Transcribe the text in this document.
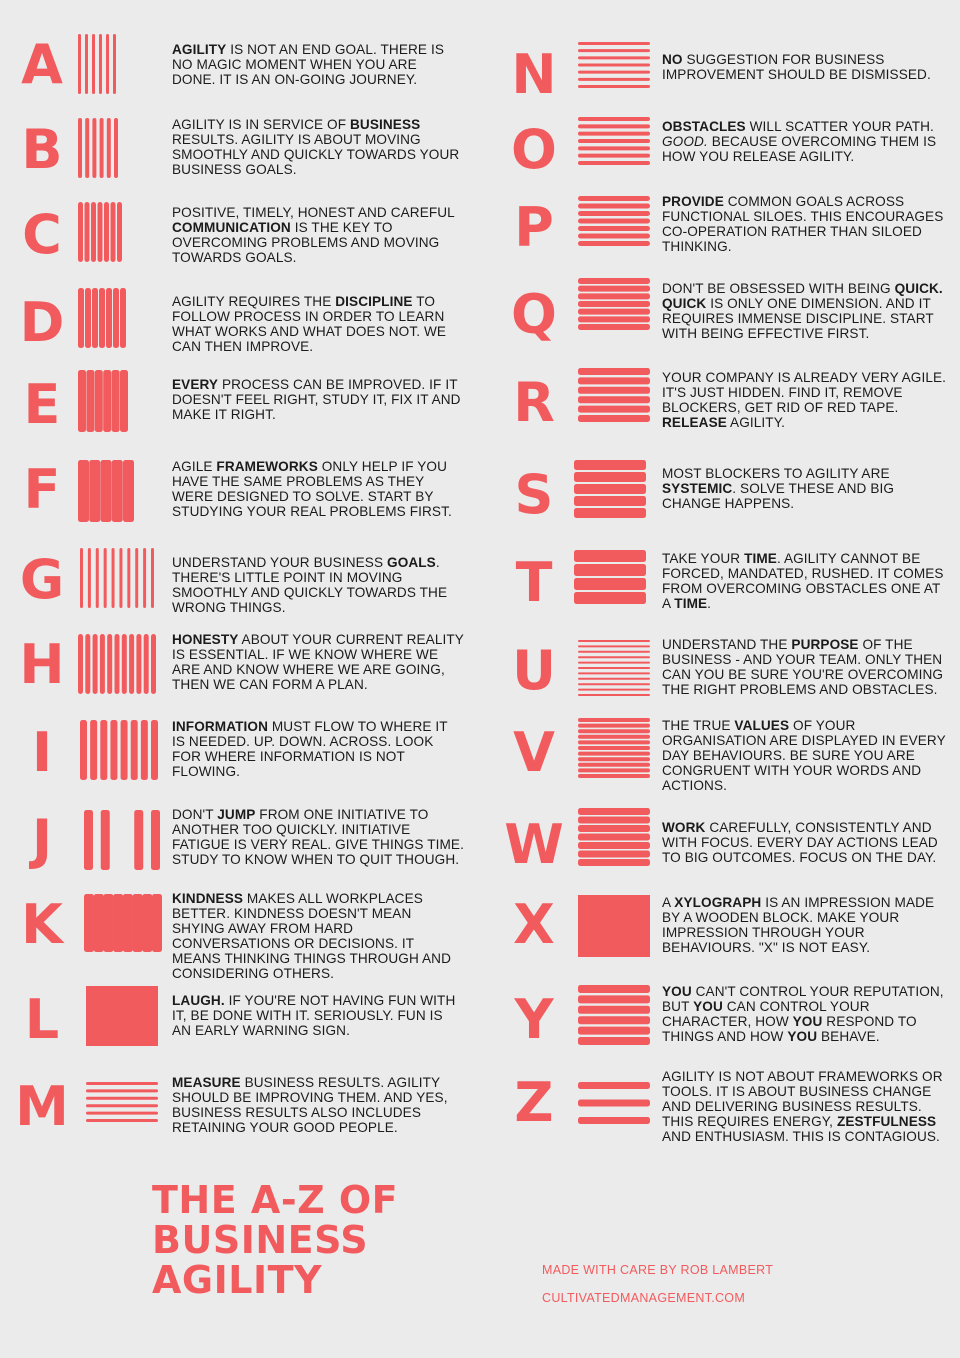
A	AGILITY IS NOT AN END GOAL. THERE IS NO MAGIC MOMENT WHEN YOU ARE DONE. IT IS AN ON-GOING JOURNEY.
B	AGILITY IS IN SERVICE OF BUSINESS RESULTS. AGILITY IS ABOUT MOVING SMOOTHLY AND QUICKLY TOWARDS YOUR BUSINESS GOALS.
C	POSITIVE, TIMELY, HONEST AND CAREFUL COMMUNICATION IS THE KEY TO OVERCOMING PROBLEMS AND MOVING TOWARDS GOALS.
D	AGILITY REQUIRES THE DISCIPLINE TO FOLLOW PROCESS IN ORDER TO LEARN WHAT WORKS AND WHAT DOES NOT. WE CAN THEN IMPROVE.
E	EVERY PROCESS CAN BE IMPROVED. IF IT DOESN'T FEEL RIGHT, STUDY IT, FIX IT AND MAKE IT RIGHT.
F	AGILE FRAMEWORKS ONLY HELP IF YOU HAVE THE SAME PROBLEMS AS THEY WERE DESIGNED TO SOLVE. START BY STUDYING YOUR REAL PROBLEMS FIRST.
G	UNDERSTAND YOUR BUSINESS GOALS. THERE'S LITTLE POINT IN MOVING SMOOTHLY AND QUICKLY TOWARDS THE WRONG THINGS.
H	HONESTY ABOUT YOUR CURRENT REALITY IS ESSENTIAL. IF WE KNOW WHERE WE ARE AND KNOW WHERE WE ARE GOING, THEN WE CAN FORM A PLAN.
I	INFORMATION MUST FLOW TO WHERE IT IS NEEDED. UP. DOWN. ACROSS. LOOK FOR WHERE INFORMATION IS NOT FLOWING.
J	DON'T JUMP FROM ONE INITIATIVE TO ANOTHER TOO QUICKLY. INITIATIVE FATIGUE IS VERY REAL. GIVE THINGS TIME. STUDY TO KNOW WHEN TO QUIT THOUGH.
K	KINDNESS MAKES ALL WORKPLACES BETTER. KINDNESS DOESN'T MEAN SHYING AWAY FROM HARD CONVERSATIONS OR DECISIONS. IT MEANS THINKING THINGS THROUGH AND CONSIDERING OTHERS.
L	LAUGH. IF YOU'RE NOT HAVING FUN WITH IT, BE DONE WITH IT. SERIOUSLY. FUN IS AN EARLY WARNING SIGN.
M	MEASURE BUSINESS RESULTS. AGILITY SHOULD BE IMPROVING THEM. AND YES, BUSINESS RESULTS ALSO INCLUDES RETAINING YOUR GOOD PEOPLE.
N	NO SUGGESTION FOR BUSINESS IMPROVEMENT SHOULD BE DISMISSED.
O	OBSTACLES WILL SCATTER YOUR PATH. GOOD. BECAUSE OVERCOMING THEM IS HOW YOU RELEASE AGILITY.
P	PROVIDE COMMON GOALS ACROSS FUNCTIONAL SILOES. THIS ENCOURAGES CO-OPERATION RATHER THAN SILOED THINKING.
Q	DON'T BE OBSESSED WITH BEING QUICK. QUICK IS ONLY ONE DIMENSION. AND IT REQUIRES IMMENSE DISCIPLINE. START WITH BEING EFFECTIVE FIRST.
R	YOUR COMPANY IS ALREADY VERY AGILE. IT'S JUST HIDDEN. FIND IT, REMOVE BLOCKERS, GET RID OF RED TAPE. RELEASE AGILITY.
S	MOST BLOCKERS TO AGILITY ARE SYSTEMIC. SOLVE THESE AND BIG CHANGE HAPPENS.
T	TAKE YOUR TIME. AGILITY CANNOT BE FORCED, MANDATED, RUSHED. IT COMES FROM OVERCOMING OBSTACLES ONE AT A TIME.
U	UNDERSTAND THE PURPOSE OF THE BUSINESS - AND YOUR TEAM. ONLY THEN CAN YOU BE SURE YOU'RE OVERCOMING THE RIGHT PROBLEMS AND OBSTACLES.
V	THE TRUE VALUES OF YOUR ORGANISATION ARE DISPLAYED IN EVERY DAY BEHAVIOURS. BE SURE YOU ARE CONGRUENT WITH YOUR WORDS AND ACTIONS.
W	WORK CAREFULLY, CONSISTENTLY AND WITH FOCUS. EVERY DAY ACTIONS LEAD TO BIG OUTCOMES. FOCUS ON THE DAY.
X	A XYLOGRAPH IS AN IMPRESSION MADE BY A WOODEN BLOCK. MAKE YOUR IMPRESSION THROUGH YOUR BEHAVIOURS. "X" IS NOT EASY.
Y	YOU CAN'T CONTROL YOUR REPUTATION, BUT YOU CAN CONTROL YOUR CHARACTER, HOW YOU RESPOND TO THINGS AND HOW YOU BEHAVE.
Z	AGILITY IS NOT ABOUT FRAMEWORKS OR TOOLS. IT IS ABOUT BUSINESS CHANGE AND DELIVERING BUSINESS RESULTS. THIS REQUIRES ENERGY, ZESTFULNESS AND ENTHUSIASM. THIS IS CONTAGIOUS.
THE A-Z OF BUSINESS AGILITY	MADE WITH CARE BY ROB LAMBERT
CULTIVATEDMANAGEMENT.COM
